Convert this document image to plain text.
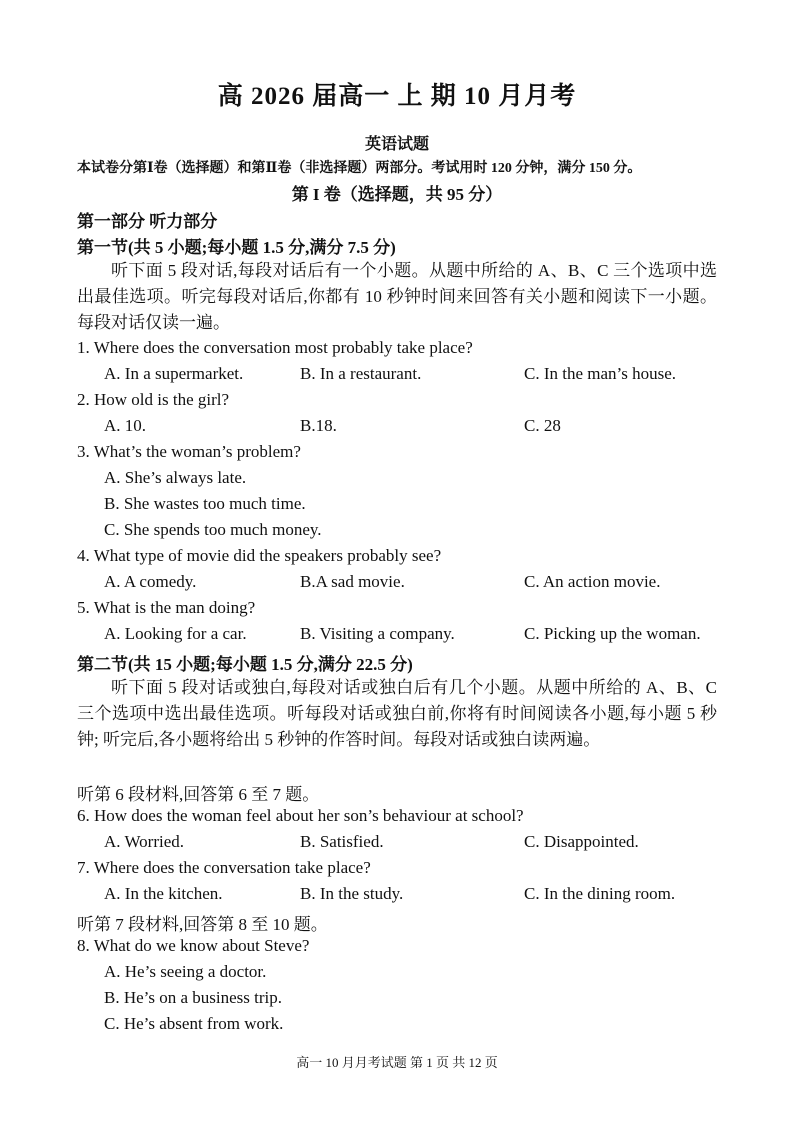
高 2026 届高一 上 期 10 月月考
英语试题
本试卷分第Ⅰ卷（选择题）和第Ⅱ卷（非选择题）两部分。考试用时 120 分钟，满分 150 分。
第 I 卷（选择题，共 95 分）
第一部分 听力部分
第一节(共 5 小题;每小题 1.5 分,满分 7.5 分)
听下面 5 段对话,每段对话后有一个小题。从题中所给的 A、B、C 三个选项中选出最佳选项。听完每段对话后,你都有 10 秒钟时间来回答有关小题和阅读下一小题。每段对话仅读一遍。
1. Where does the conversation most probably take place?
A. In a supermarket.	B. In a restaurant.	C. In the man’s house.
2. How old is the girl?
A. 10.	B.18.	C. 28
3. What’s the woman’s problem?
A. She’s always late.
B. She wastes too much time.
C. She spends too much money.
4. What type of movie did the speakers probably see?
A. A comedy.	B.A sad movie.	C. An action movie.
5. What is the man doing?
A. Looking for a car.	B. Visiting a company.	C. Picking up the woman.
第二节(共 15 小题;每小题 1.5 分,满分 22.5 分)
听下面 5 段对话或独白,每段对话或独白后有几个小题。从题中所给的 A、B、C 三个选项中选出最佳选项。听每段对话或独白前,你将有时间阅读各小题,每小题 5 秒钟; 听完后,各小题将给出 5 秒钟的作答时间。每段对话或独白读两遍。
听第 6 段材料,回答第 6 至 7 题。
6. How does the woman feel about her son’s behaviour at school?
A. Worried.	B. Satisfied.	C. Disappointed.
7. Where does the conversation take place?
A. In the kitchen.	B. In the study.	C. In the dining room.
听第 7 段材料,回答第 8 至 10 题。
8. What do we know about Steve?
A. He’s seeing a doctor.
B. He’s on a business trip.
C. He’s absent from work.
高一 10 月月考试题 第 1 页 共 12 页
